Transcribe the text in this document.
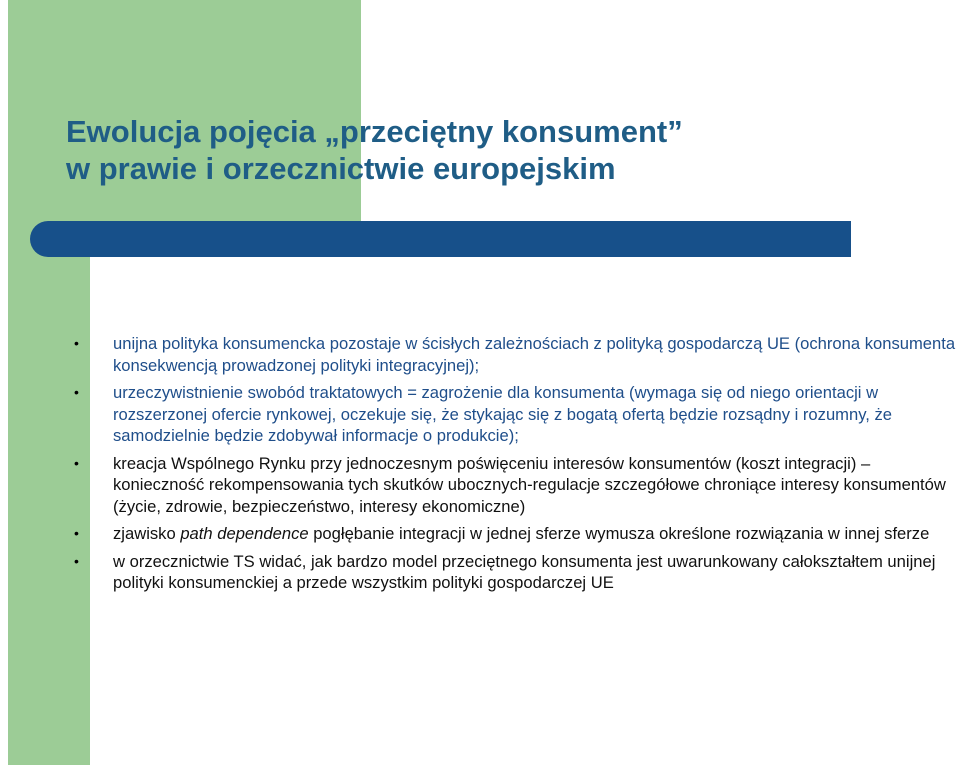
Ewolucja pojęcia „przeciętny konsument”
w prawie i orzecznictwie europejskim
• unijna polityka konsumencka pozostaje w ścisłych zależnościach z polityką gospodarczą UE (ochrona konsumenta konsekwencją prowadzonej polityki integracyjnej);
• urzeczywistnienie swobód traktatowych = zagrożenie dla konsumenta (wymaga się od niego orientacji w rozszerzonej ofercie rynkowej, oczekuje się, że stykając się z bogatą ofertą będzie rozsądny i rozumny, że samodzielnie będzie zdobywał informacje o produkcie);
• kreacja Wspólnego Rynku przy jednoczesnym poświęceniu interesów konsumentów (koszt integracji) – konieczność rekompensowania tych skutków ubocznych-regulacje szczegółowe chroniące interesy konsumentów (życie, zdrowie, bezpieczeństwo, interesy ekonomiczne)
• zjawisko path dependence pogłębanie integracji w jednej sferze wymusza określone rozwiązania w innej sferze
• w orzecznictwie TS widać, jak bardzo model przeciętnego konsumenta jest uwarunkowany całokształtem unijnej polityki konsumenckiej a przede wszystkim polityki gospodarczej UE
